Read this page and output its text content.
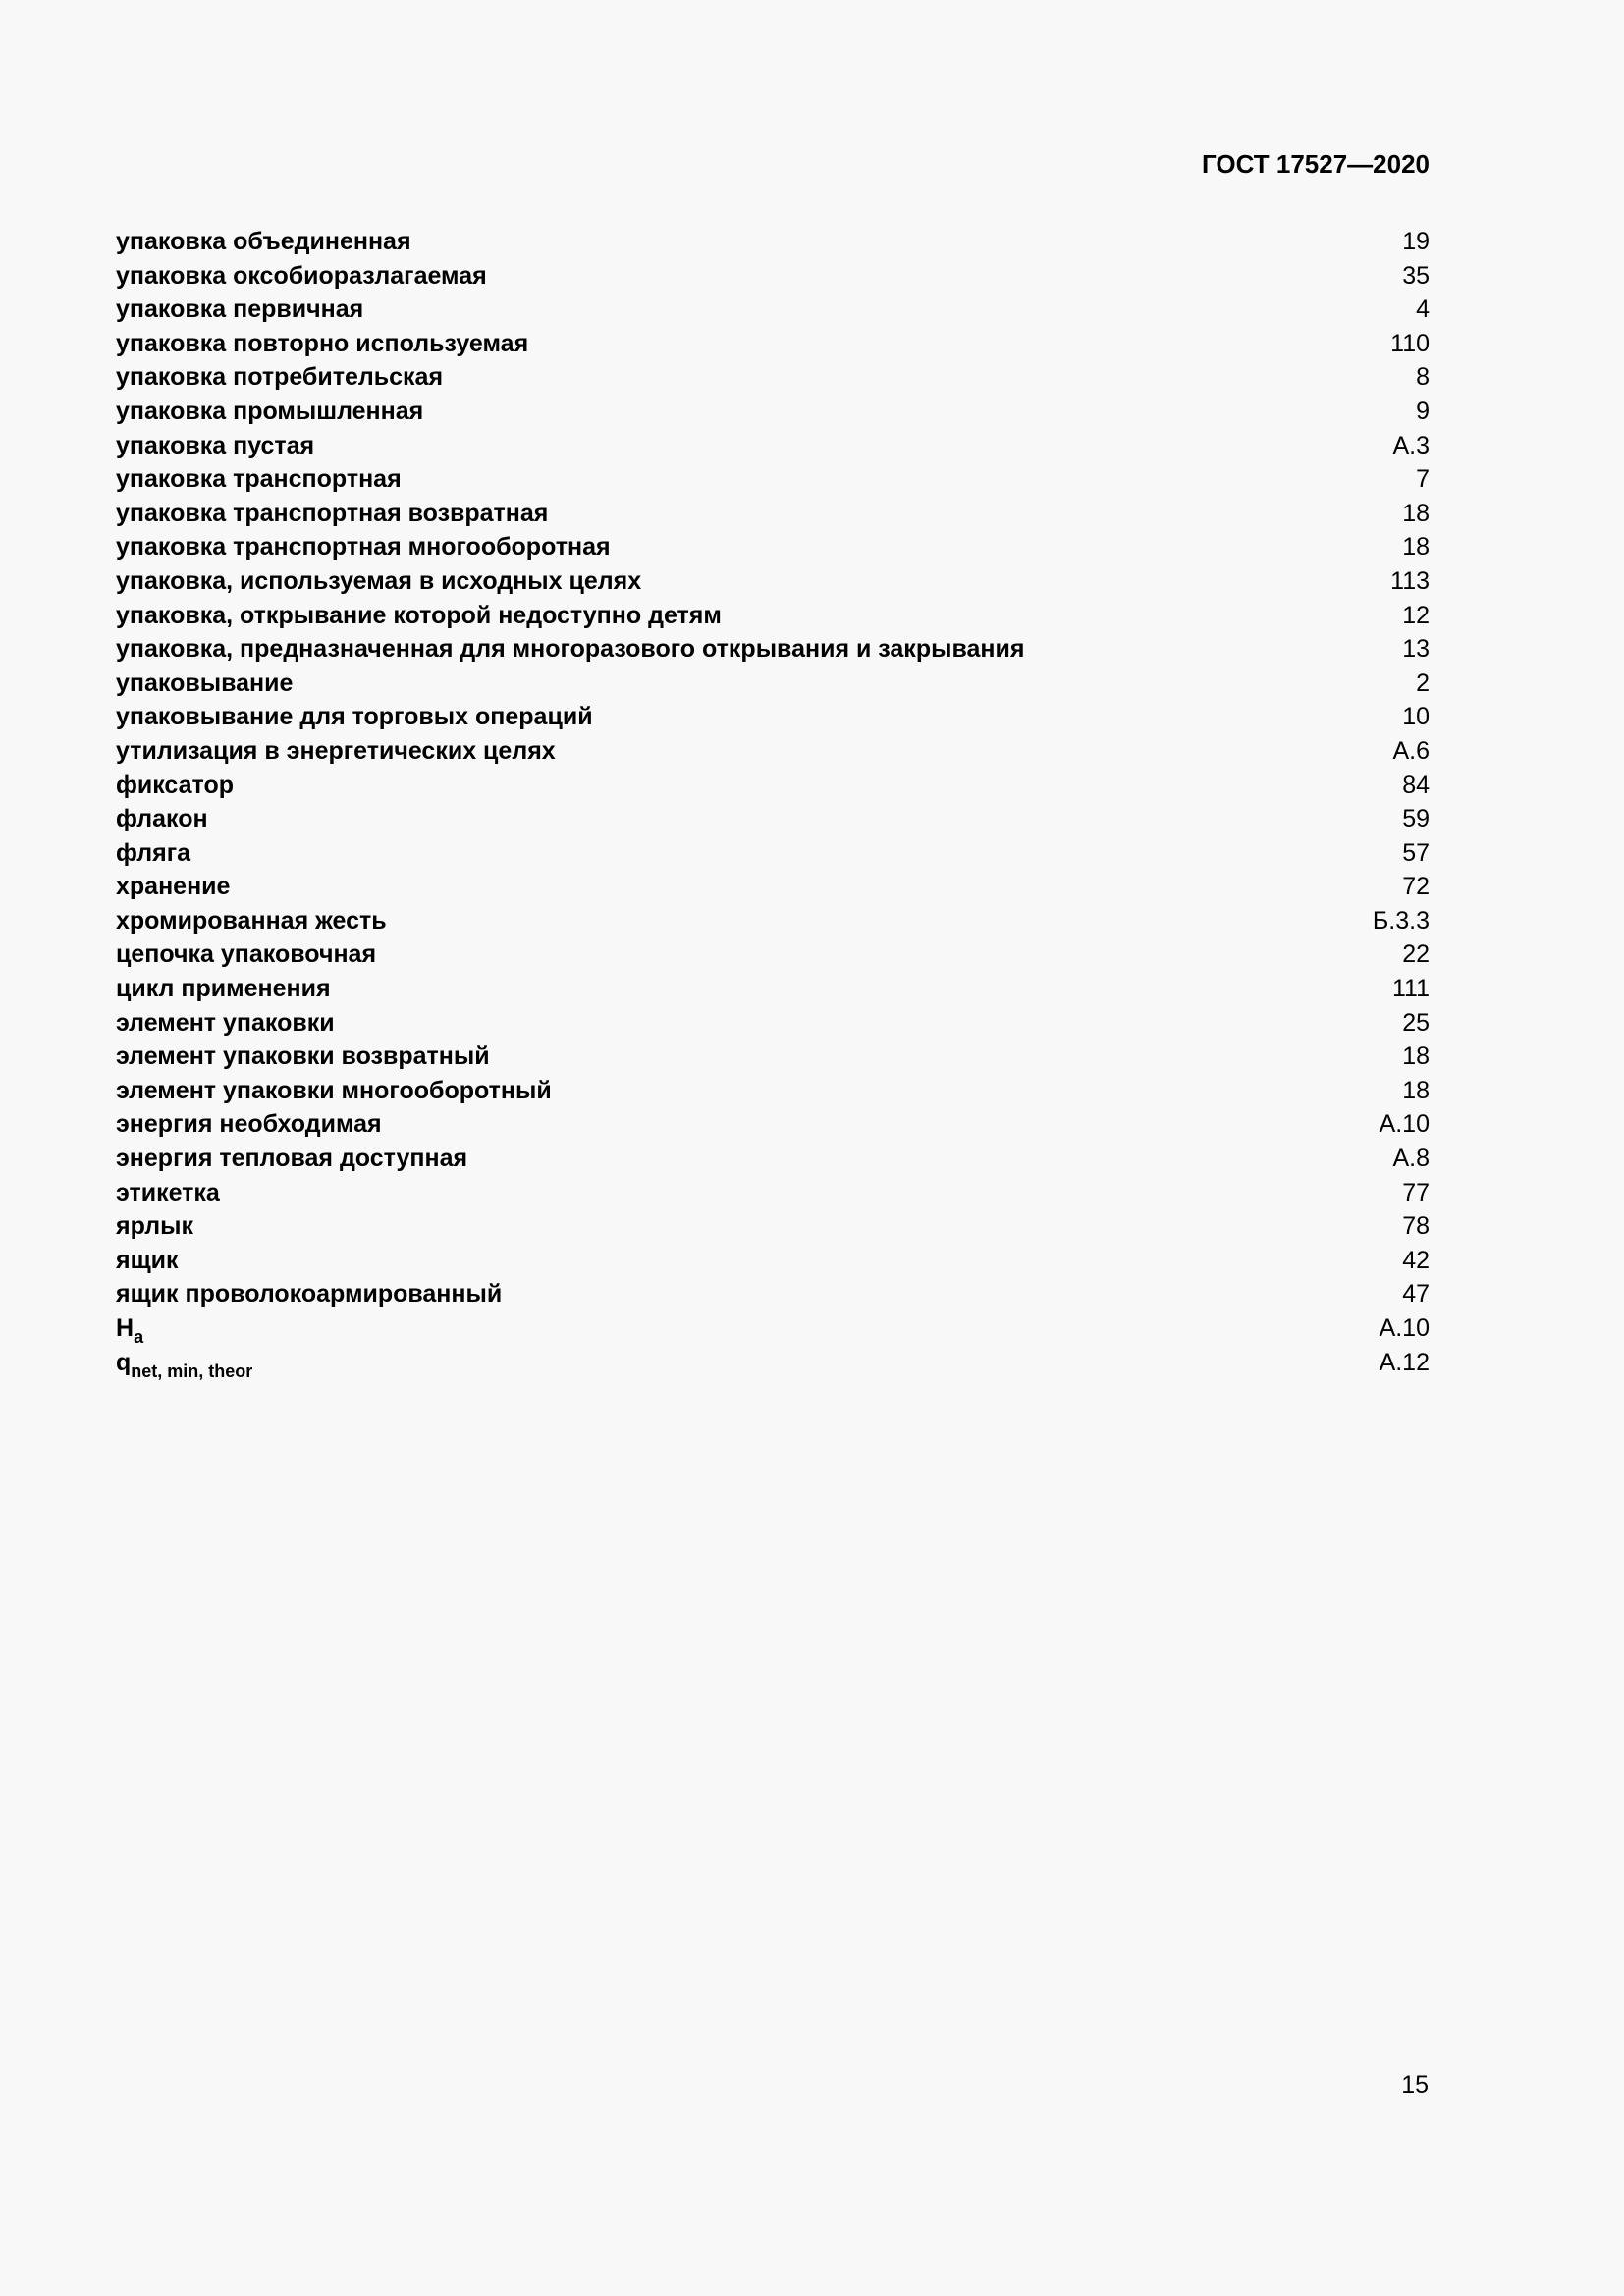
ГОСТ 17527—2020
упаковка объединенная	19
упаковка оксобиоразлагаемая	35
упаковка первичная	4
упаковка повторно используемая	110
упаковка потребительская	8
упаковка промышленная	9
упаковка пустая	А.3
упаковка транспортная	7
упаковка транспортная возвратная	18
упаковка транспортная многооборотная	18
упаковка, используемая в исходных целях	113
упаковка, открывание которой недоступно детям	12
упаковка, предназначенная для многоразового открывания и закрывания	13
упаковывание	2
упаковывание для торговых операций	10
утилизация в энергетических целях	А.6
фиксатор	84
флакон	59
фляга	57
хранение	72
хромированная жесть	Б.3.3
цепочка упаковочная	22
цикл применения	111
элемент упаковки	25
элемент упаковки возвратный	18
элемент упаковки многооборотный	18
энергия необходимая	А.10
энергия тепловая доступная	А.8
этикетка	77
ярлык	78
ящик	42
ящик проволокоармированный	47
$H_a$	А.10
$q_{net, min, theor}$	А.12
15
